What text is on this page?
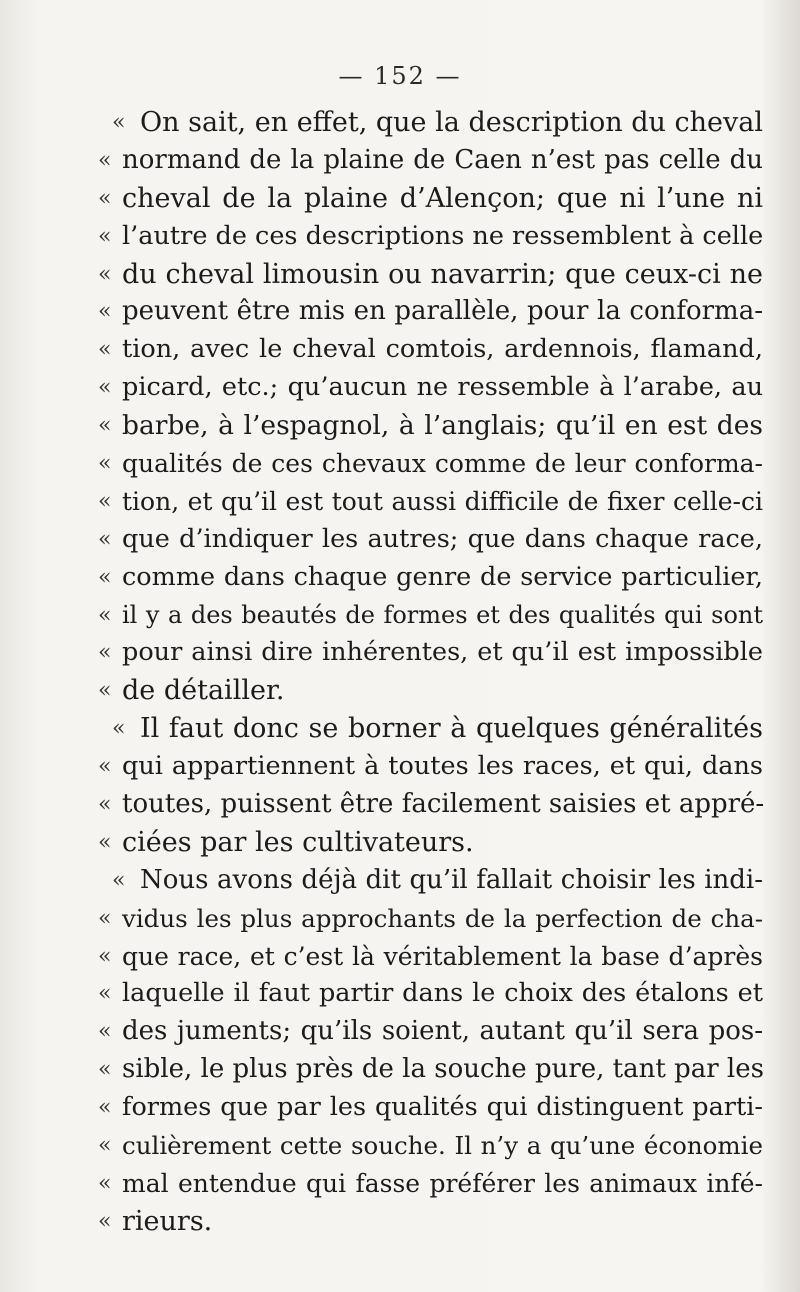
— 152 —
« On sait, en effet, que la description du cheval
« normand de la plaine de Caen n’est pas celle du
« cheval de la plaine d’Alençon; que ni l’une ni
« l’autre de ces descriptions ne ressemblent à celle
« du cheval limousin ou navarrin; que ceux-ci ne
« peuvent être mis en parallèle, pour la conforma-
« tion, avec le cheval comtois, ardennois, flamand,
« picard, etc.; qu’aucun ne ressemble à l’arabe, au
« barbe, à l’espagnol, à l’anglais; qu’il en est des
« qualités de ces chevaux comme de leur conforma-
« tion, et qu’il est tout aussi difficile de fixer celle-ci
« que d’indiquer les autres; que dans chaque race,
« comme dans chaque genre de service particulier,
« il y a des beautés de formes et des qualités qui sont
« pour ainsi dire inhérentes, et qu’il est impossible
« de détailler.
« Il faut donc se borner à quelques généralités
« qui appartiennent à toutes les races, et qui, dans
« toutes, puissent être facilement saisies et appré-
« ciées par les cultivateurs.
« Nous avons déjà dit qu’il fallait choisir les indi-
« vidus les plus approchants de la perfection de cha-
« que race, et c’est là véritablement la base d’après
« laquelle il faut partir dans le choix des étalons et
« des juments; qu’ils soient, autant qu’il sera pos-
« sible, le plus près de la souche pure, tant par les
« formes que par les qualités qui distinguent parti-
« culièrement cette souche. Il n’y a qu’une économie
« mal entendue qui fasse préférer les animaux infé-
« rieurs.
